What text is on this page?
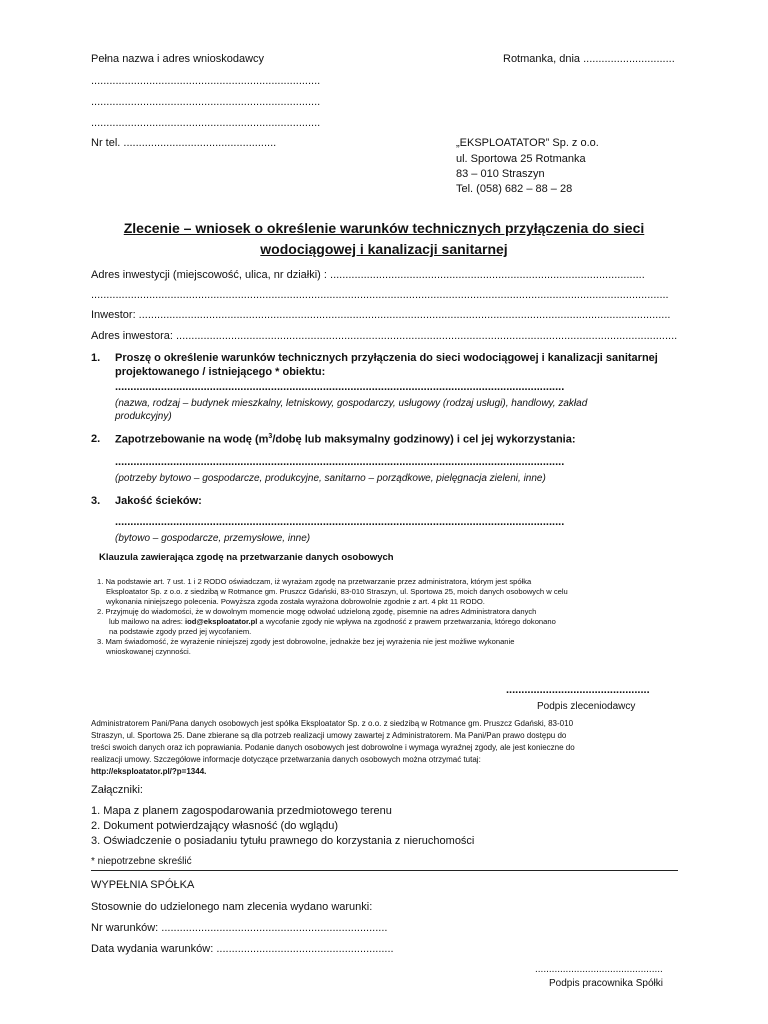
Pełna nazwa i adres wnioskodawcy
...........................................................................
...........................................................................
...........................................................................
Nr tel. ..................................................
Rotmanka, dnia ..............................
„EKSPLOATATOR” Sp. z o.o.
ul. Sportowa 25 Rotmanka
83 – 010 Straszyn
Tel. (058) 682 – 88 – 28
Zlecenie – wniosek o określenie warunków technicznych przyłączenia do sieci
wodociągowej i kanalizacji sanitarnej
Adres inwestycji (miejscowość, ulica, nr działki) : .......................................................................................................
.............................................................................................................................................................................................
Inwestor: ..............................................................................................................................................................................
Adres inwestora: ....................................................................................................................................................................
1. Proszę o określenie warunków technicznych przyłączenia do sieci wodociągowej i kanalizacji sanitarnej
projektowanego / istniejącego * obiektu:
...................................................................................................................................................
(nazwa, rodzaj – budynek mieszkalny, letniskowy, gospodarczy, usługowy (rodzaj usługi), handlowy, zakład
produkcyjny)
2. Zapotrzebowanie na wodę ($m^3$/dobę lub maksymalny godzinowy) i cel jej wykorzystania:
...................................................................................................................................................
(potrzeby bytowo – gospodarcze, produkcyjne, sanitarno – porządkowe, pielęgnacja zieleni, inne)
3. Jakość ścieków:
...................................................................................................................................................
(bytowo – gospodarcze, przemysłowe, inne)
Klauzula zawierająca zgodę na przetwarzanie danych osobowych
1. Na podstawie art. 7 ust. 1 i 2 RODO oświadczam, iż wyrażam zgodę na przetwarzanie przez administratora, którym jest spółka
Eksploatator Sp. z o.o. z siedzibą w Rotmance gm. Pruszcz Gdański, 83-010 Straszyn, ul. Sportowa 25, moich danych osobowych w celu
wykonania niniejszego polecenia. Powyższa zgoda została wyrażona dobrowolnie zgodnie z art. 4 pkt 11 RODO.
2. Przyjmuję do wiadomości, że w dowolnym momencie mogę odwołać udzieloną zgodę, pisemnie na adres Administratora danych
lub mailowo na adres: iod@eksploatator.pl a wycofanie zgody nie wpływa na zgodność z prawem przetwarzania, którego dokonano
na podstawie zgody przed jej wycofaniem.
3. Mam świadomość, że wyrażenie niniejszej zgody jest dobrowolne, jednakże bez jej wyrażenia nie jest możliwe wykonanie
wnioskowanej czynności.
...............................................
Podpis zleceniodawcy
Administratorem Pani/Pana danych osobowych jest spółka Eksploatator Sp. z o.o. z siedzibą w Rotmance gm. Pruszcz Gdański, 83-010
Straszyn, ul. Sportowa 25. Dane zbierane są dla potrzeb realizacji umowy zawartej z Administratorem. Ma Pani/Pan prawo dostępu do
treści swoich danych oraz ich poprawiania. Podanie danych osobowych jest dobrowolne i wymaga wyraźnej zgody, ale jest konieczne do
realizacji umowy. Szczegółowe informacje dotyczące przetwarzania danych osobowych można otrzymać tutaj:
http://eksploatator.pl/?p=1344.
Załączniki:
1. Mapa z planem zagospodarowania przedmiotowego terenu
2. Dokument potwierdzający własność (do wglądu)
3. Oświadczenie o posiadaniu tytułu prawnego do korzystania z nieruchomości
* niepotrzebne skreślić
WYPEŁNIA SPÓŁKA
Stosownie do udzielonego nam zlecenia wydano warunki:
Nr warunków: ..........................................................................
Data wydania warunków: ..........................................................
..............................................
Podpis pracownika Spółki
